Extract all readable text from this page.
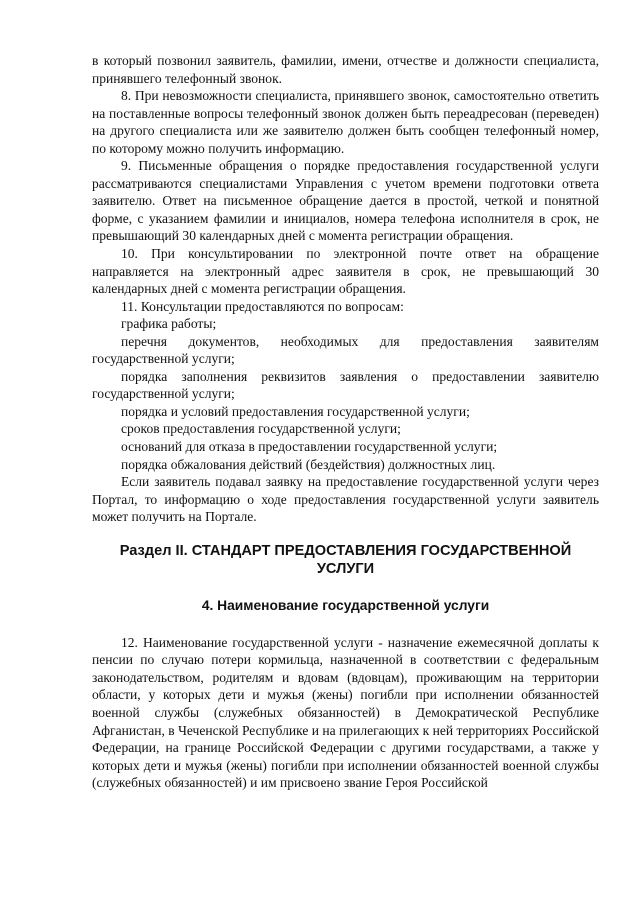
в который позвонил заявитель, фамилии, имени, отчестве и должности специалиста, принявшего телефонный звонок.

8. При невозможности специалиста, принявшего звонок, самостоятельно ответить на поставленные вопросы телефонный звонок должен быть переадресован (переведен) на другого специалиста или же заявителю должен быть сообщен телефонный номер, по которому можно получить информацию.

9. Письменные обращения о порядке предоставления государственной услуги рассматриваются специалистами Управления с учетом времени подготовки ответа заявителю. Ответ на письменное обращение дается в простой, четкой и понятной форме, с указанием фамилии и инициалов, номера телефона исполнителя в срок, не превышающий 30 календарных дней с момента регистрации обращения.

10. При консультировании по электронной почте ответ на обращение направляется на электронный адрес заявителя в срок, не превышающий 30 календарных дней с момента регистрации обращения.

11. Консультации предоставляются по вопросам:

графика работы;

перечня документов, необходимых для предоставления заявителям государственной услуги;

порядка заполнения реквизитов заявления о предоставлении заявителю государственной услуги;

порядка и условий предоставления государственной услуги;

сроков предоставления государственной услуги;

оснований для отказа в предоставлении государственной услуги;

порядка обжалования действий (бездействия) должностных лиц.

Если заявитель подавал заявку на предоставление государственной услуги через Портал, то информацию о ходе предоставления государственной услуги заявитель может получить на Портале.

Раздел II. СТАНДАРТ ПРЕДОСТАВЛЕНИЯ ГОСУДАРСТВЕННОЙ УСЛУГИ
4. Наименование государственной услуги

12. Наименование государственной услуги - назначение ежемесячной доплаты к пенсии по случаю потери кормильца, назначенной в соответствии с федеральным законодательством, родителям и вдовам (вдовцам), проживающим на территории области, у которых дети и мужья (жены) погибли при исполнении обязанностей военной службы (служебных обязанностей) в Демократической Республике Афганистан, в Чеченской Республике и на прилегающих к ней территориях Российской Федерации, на границе Российской Федерации с другими государствами, а также у которых дети и мужья (жены) погибли при исполнении обязанностей военной службы (служебных обязанностей) и им присвоено звание Героя Российской
